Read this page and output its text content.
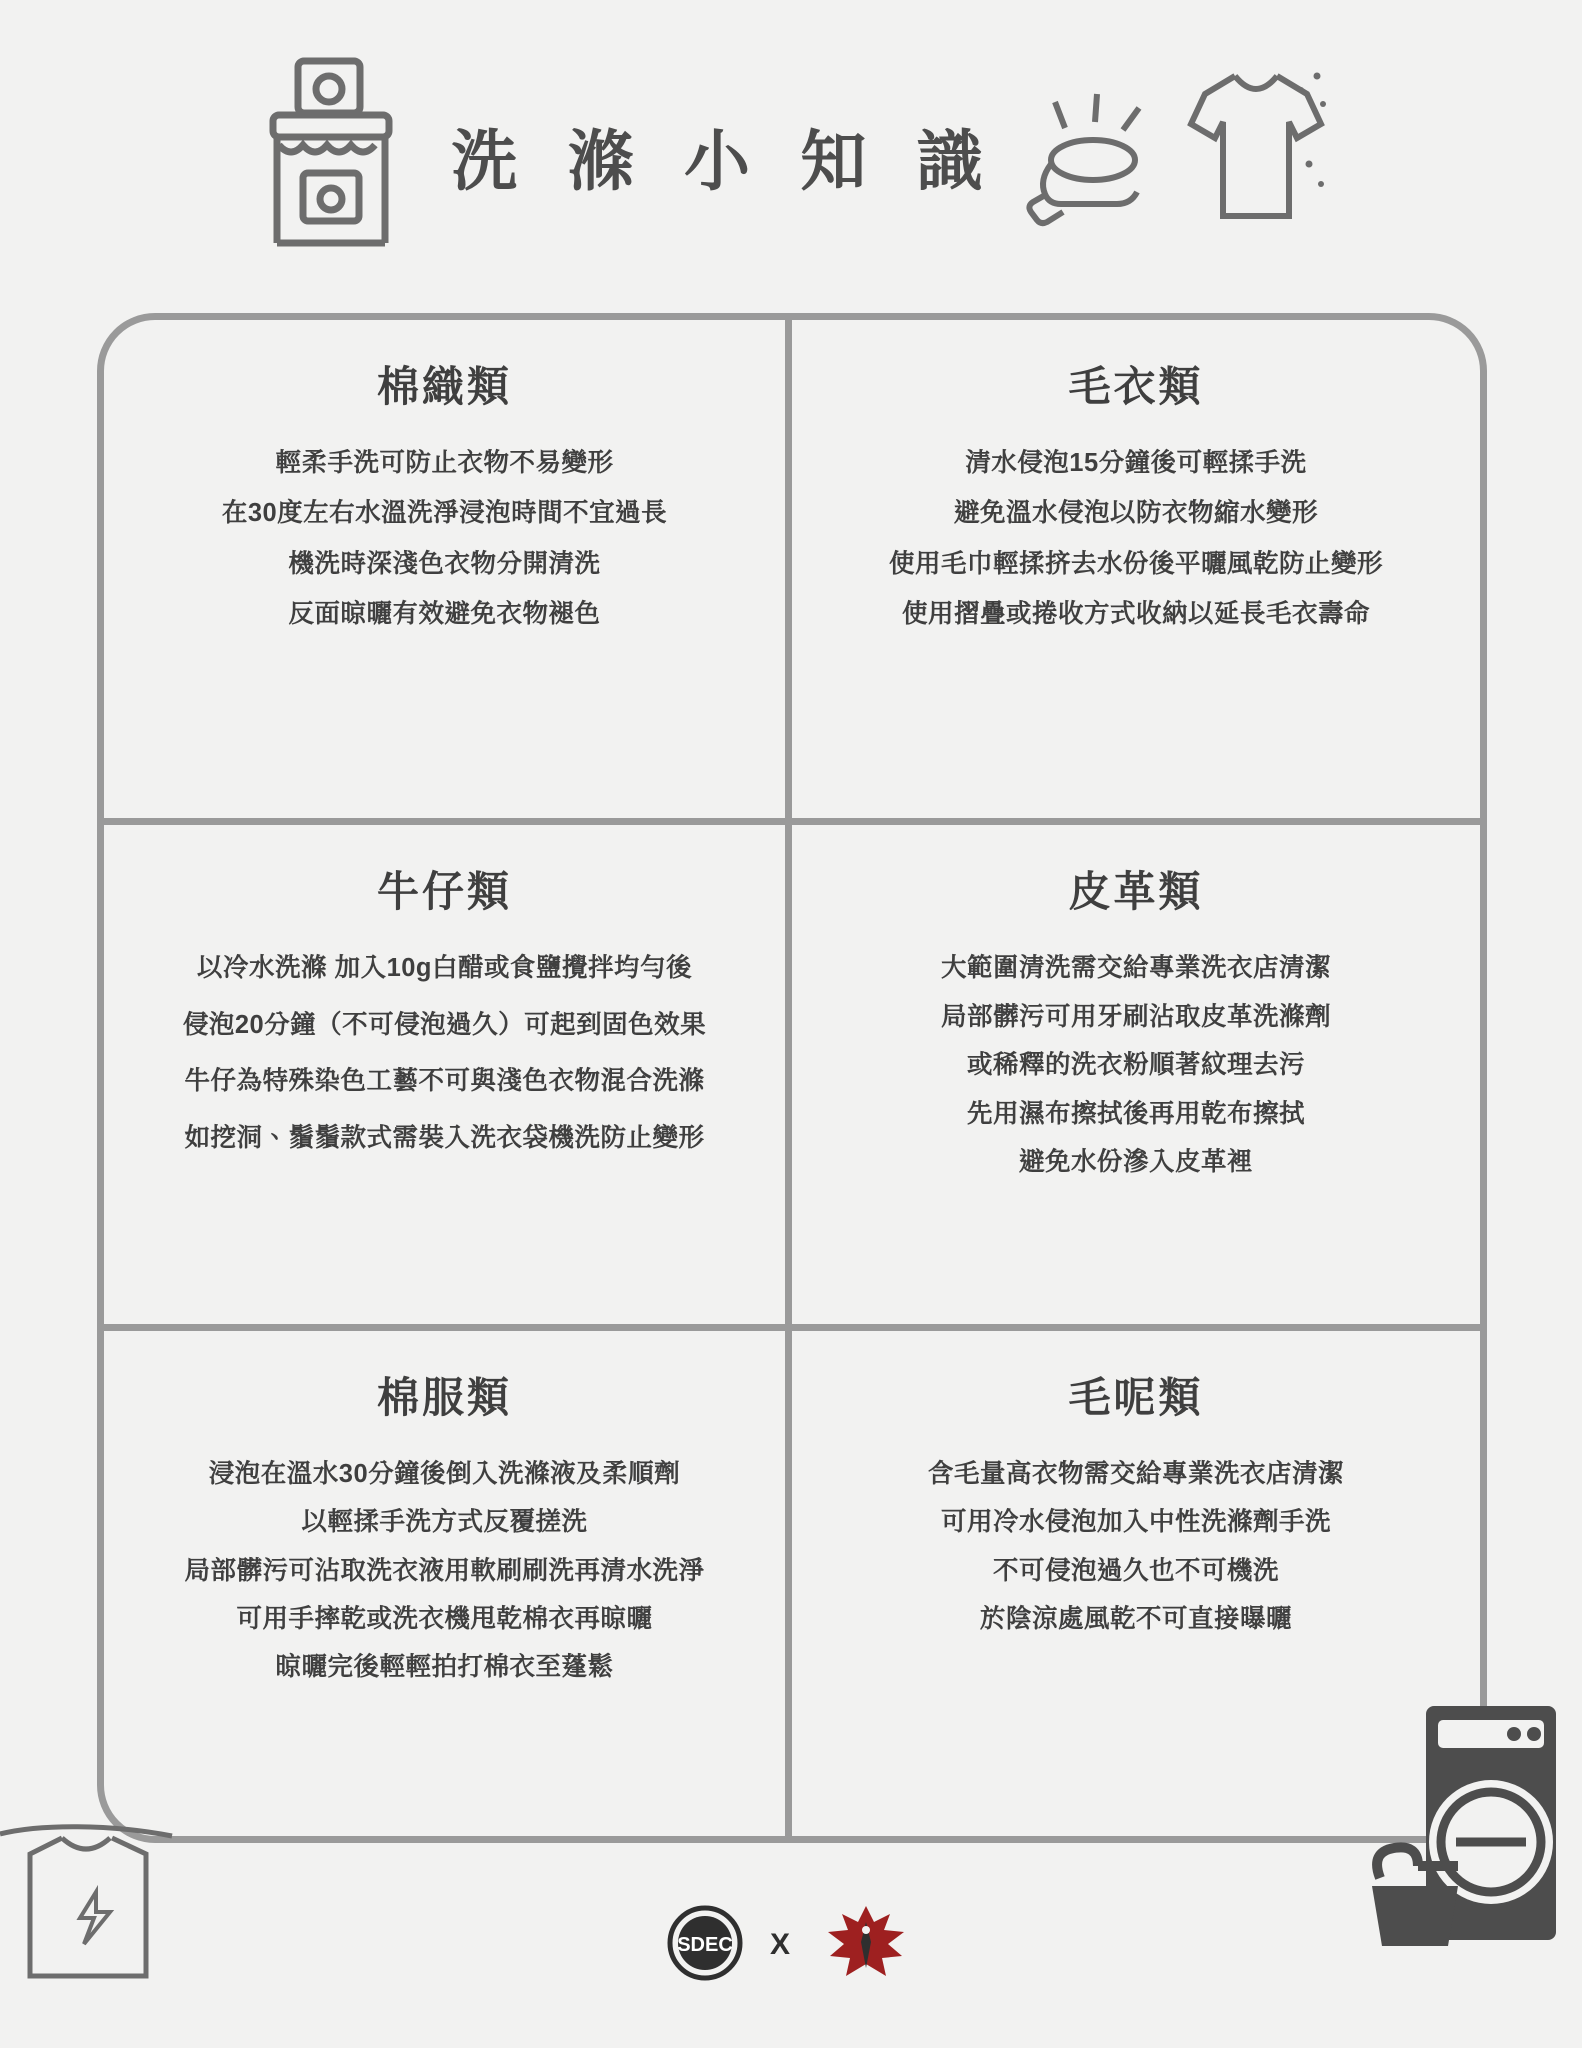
洗 滌 小 知 識
棉織類
輕柔手洗可防止衣物不易變形
在30度左右水溫洗淨浸泡時間不宜過長
機洗時深淺色衣物分開清洗
反面晾曬有效避免衣物褪色
毛衣類
清水侵泡15分鐘後可輕揉手洗
避免溫水侵泡以防衣物縮水變形
使用毛巾輕揉挤去水份後平曬風乾防止變形
使用摺疊或捲收方式收納以延長毛衣壽命
牛仔類
以冷水洗滌 加入10g白醋或食鹽攪拌均勻後
侵泡20分鐘（不可侵泡過久）可起到固色效果
牛仔為特殊染色工藝不可與淺色衣物混合洗滌
如挖洞、鬚鬚款式需裝入洗衣袋機洗防止變形
皮革類
大範圍清洗需交給專業洗衣店清潔
局部髒污可用牙刷沾取皮革洗滌劑
或稀釋的洗衣粉順著紋理去污
先用濕布擦拭後再用乾布擦拭
避免水份滲入皮革裡
棉服類
浸泡在溫水30分鐘後倒入洗滌液及柔順劑
以輕揉手洗方式反覆搓洗
局部髒污可沾取洗衣液用軟刷刷洗再清水洗淨
可用手摔乾或洗衣機甩乾棉衣再晾曬
晾曬完後輕輕拍打棉衣至蓬鬆
毛呢類
含毛量高衣物需交給專業洗衣店清潔
可用冷水侵泡加入中性洗滌劑手洗
不可侵泡過久也不可機洗
於陰涼處風乾不可直接曝曬
SDEC X
